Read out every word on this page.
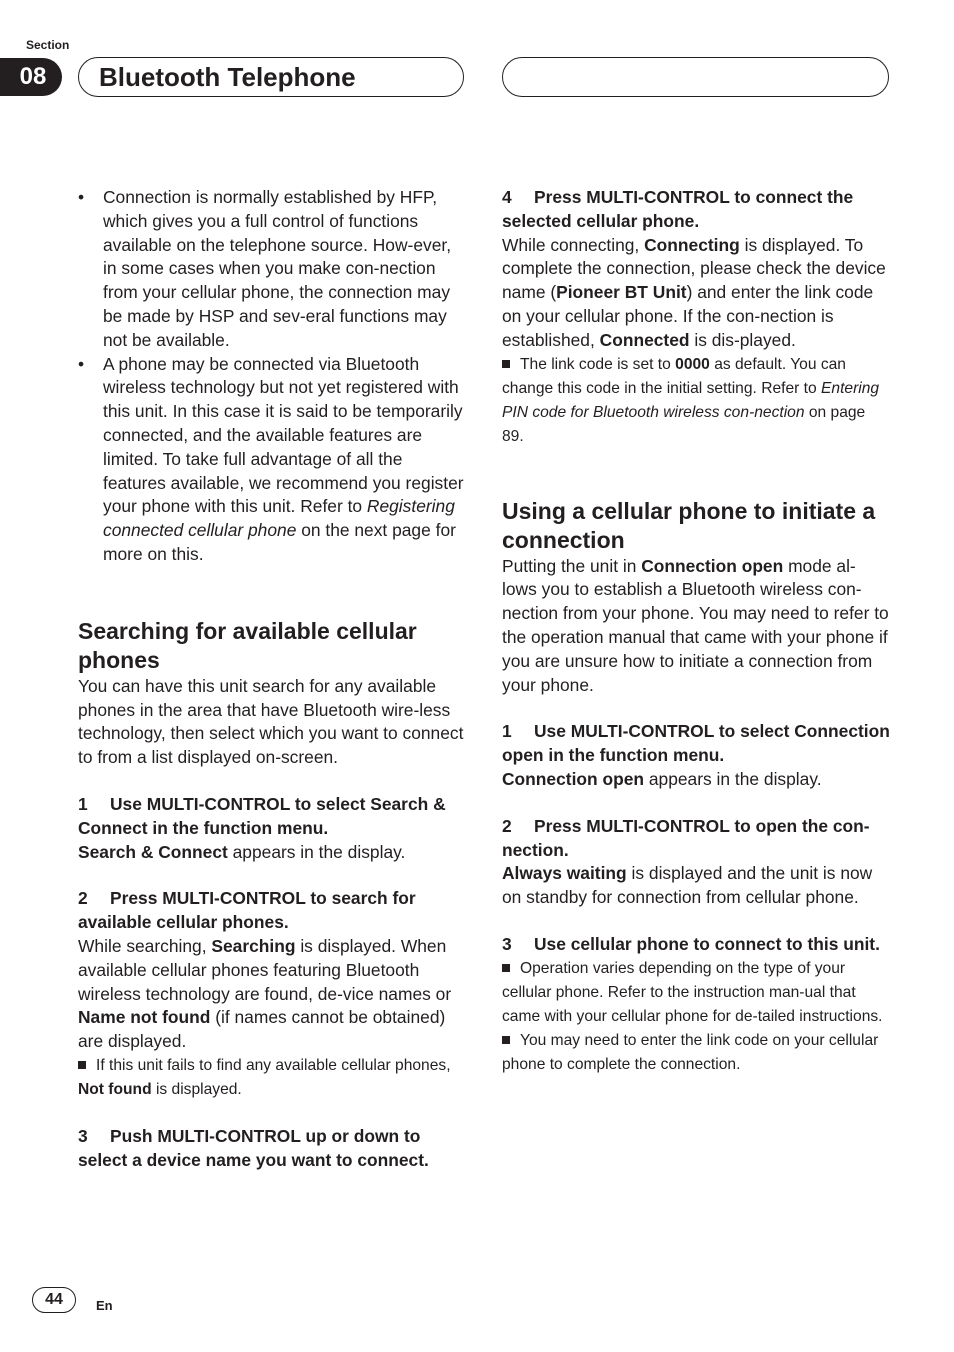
Section
08	Bluetooth Telephone

• Connection is normally established by HFP, which gives you a full control of functions available on the telephone source. How-ever, in some cases when you make con-nection from your cellular phone, the connection may be made by HSP and sev-eral functions may not be available.

• A phone may be connected via Bluetooth wireless technology but not yet registered with this unit. In this case it is said to be temporarily connected, and the available features are limited. To take full advantage of all the features available, we recommend you register your phone with this unit. Refer to Registering connected cellular phone on the next page for more on this.

Searching for available cellular phones

You can have this unit search for any available phones in the area that have Bluetooth wire-less technology, then select which you want to connect to from a list displayed on-screen.

1 Use MULTI-CONTROL to select Search & Connect in the function menu.

Search & Connect appears in the display.

2 Press MULTI-CONTROL to search for available cellular phones.

While searching, Searching is displayed. When available cellular phones featuring Bluetooth wireless technology are found, de-vice names or Name not found (if names cannot be obtained) are displayed.

If this unit fails to find any available cellular phones, Not found is displayed.

3 Push MULTI-CONTROL up or down to select a device name you want to connect.

4 Press MULTI-CONTROL to connect the selected cellular phone.

While connecting, Connecting is displayed. To complete the connection, please check the device name (Pioneer BT Unit) and enter the link code on your cellular phone. If the con-nection is established, Connected is dis-played.

The link code is set to 0000 as default. You can change this code in the initial setting. Refer to Entering PIN code for Bluetooth wireless con-nection on page 89.

Using a cellular phone to initiate a connection

Putting the unit in Connection open mode al-lows you to establish a Bluetooth wireless con-nection from your phone. You may need to refer to the operation manual that came with your phone if you are unsure how to initiate a connection from your phone.

1 Use MULTI-CONTROL to select Connection open in the function menu.

Connection open appears in the display.

2 Press MULTI-CONTROL to open the con-nection.

Always waiting is displayed and the unit is now on standby for connection from cellular phone.

3 Use cellular phone to connect to this unit.

Operation varies depending on the type of your cellular phone. Refer to the instruction man-ual that came with your cellular phone for de-tailed instructions.

You may need to enter the link code on your cellular phone to complete the connection.

44	En
